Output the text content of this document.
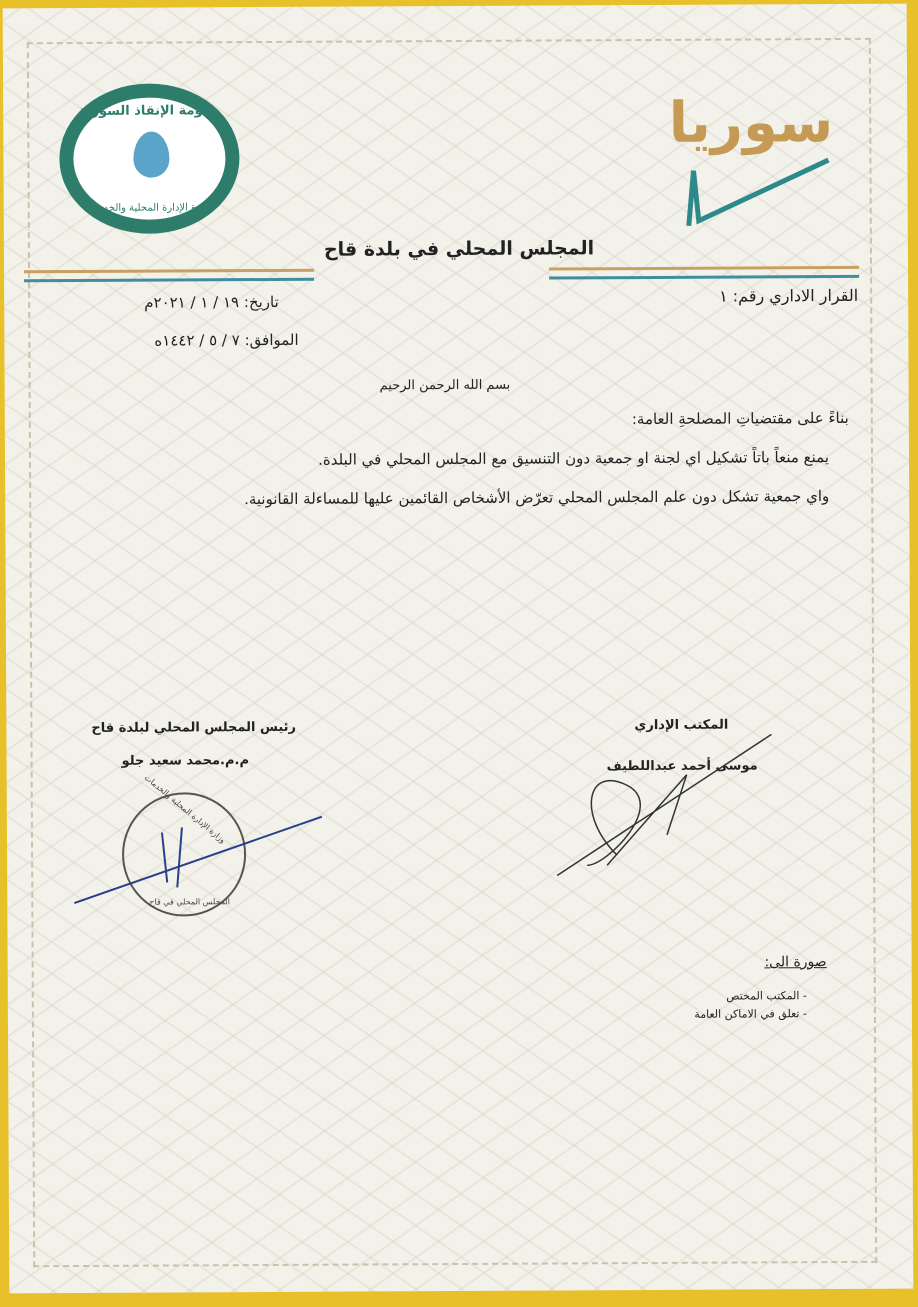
حكومة الإنقاذ السورية
وزارة الإدارة المحلية والخدمات
سوريا
المجلس المحلي في بلدة قاح
القرار الاداري رقم: ١
تاريخ: ١٩ / ١ / ٢٠٢١م
الموافق: ٧ / ٥ / ١٤٤٢ه
بسم الله الرحمن الرحيم
بناءً على مقتضياتِ المصلحةِ العامة:
يمنع منعاً باتاً تشكيل اي لجنة او جمعية دون التنسيق مع المجلس المحلي في البلدة.
واي جمعية تشكل دون علم المجلس المحلي تعرّض الأشخاص القائمين عليها للمساءلة القانونية.
المكتب الإداري
موسى أحمد عبداللطيف
رئيس المجلس المحلي لبلدة قاح
م.م.محمد سعيد جلو
وزارة الإدارة المحلية والخدمات
المجلس المحلي في قاح
صورة الى:
- المكتب المختص
- تعلق في الاماكن العامة
